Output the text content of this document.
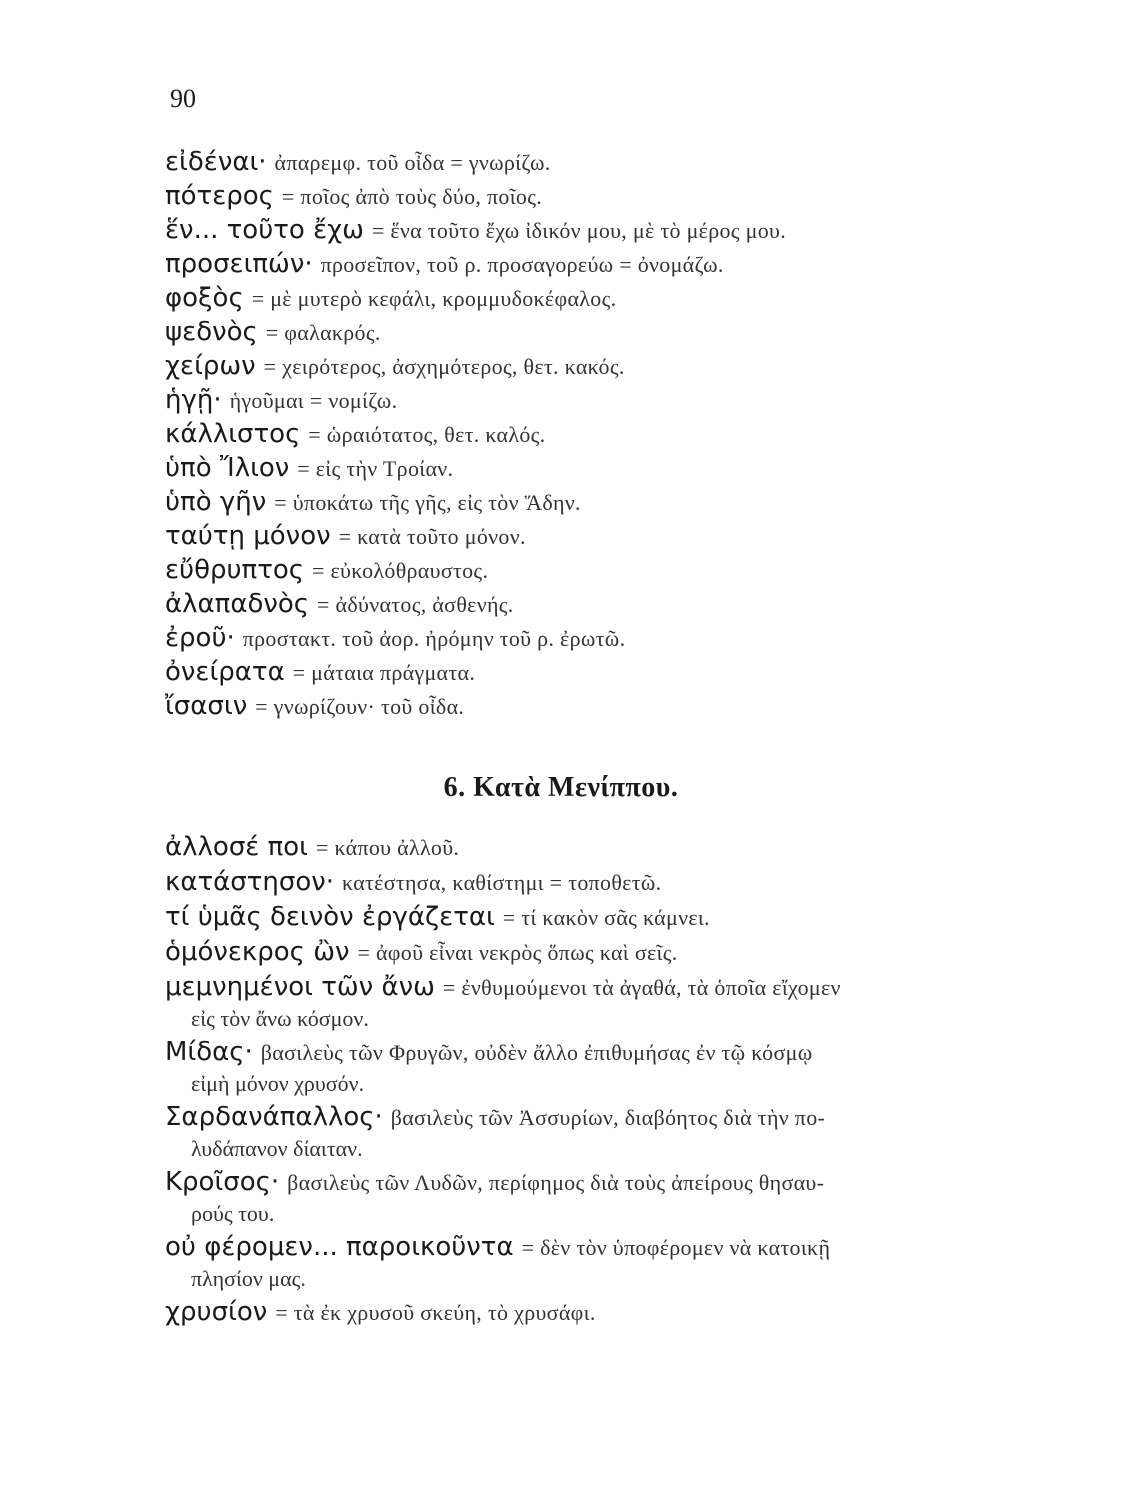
90
εἰδέναι· ἀπαρεμφ. τοῦ οἶδα = γνωρίζω.
πότερος = ποῖος ἀπὸ τοὺς δύο, ποῖος.
ἕν... τοῦτο ἔχω = ἕνα τοῦτο ἔχω ἰδικόν μου, μὲ τὸ μέρος μου.
προσειπών· προσεῖπον, τοῦ ρ. προσαγορεύω = ὀνομάζω.
φοξὸς = μὲ μυτερὸ κεφάλι, κρομμυδοκέφαλος.
ψεδνὸς = φαλακρός.
χείρων = χειρότερος, ἀσχημότερος, θετ. κακός.
ἡγῇ· ἡγοῦμαι = νομίζω.
κάλλιστος = ὡραιότατος, θετ. καλός.
ὑπὸ Ἴλιον = εἰς τὴν Τροίαν.
ὑπὸ γῆν = ὑποκάτω τῆς γῆς, εἰς τὸν Ἅδην.
ταύτῃ μόνον = κατὰ τοῦτο μόνον.
εὔθρυπτος = εὐκολόθραυστος.
ἀλαπαδνὸς = ἀδύνατος, ἀσθενής.
ἐροῦ· προστακτ. τοῦ ἀορ. ἠρόμην τοῦ ρ. ἐρωτῶ.
ὀνείρατα = μάταια πράγματα.
ἴσασιν = γνωρίζουν· τοῦ οἶδα.
6. Κατὰ Μενίππου.
ἀλλοσέ ποι = κάπου ἀλλοῦ.
κατάστησον· κατέστησα, καθίστημι = τοποθετῶ.
τί ὑμᾶς δεινὸν ἐργάζεται = τί κακὸν σᾶς κάμνει.
ὁμόνεκρος ὢν = ἀφοῦ εἶναι νεκρὸς ὅπως καὶ σεῖς.
μεμνημένοι τῶν ἄνω = ἐνθυμούμενοι τὰ ἀγαθά, τὰ ὁποῖα εἴχομεν
εἰς τὸν ἄνω κόσμον.
Μίδας· βασιλεὺς τῶν Φρυγῶν, οὐδὲν ἄλλο ἐπιθυμήσας ἐν τῷ κόσμῳ
εἰμὴ μόνον χρυσόν.
Σαρδανάπαλλος· βασιλεὺς τῶν Ἀσσυρίων, διαβόητος διὰ τὴν πο-
λυδάπανον δίαιταν.
Κροῖσος· βασιλεὺς τῶν Λυδῶν, περίφημος διὰ τοὺς ἀπείρους θησαυ-
ρούς του.
οὐ φέρομεν... παροικοῦντα = δὲν τὸν ὑποφέρομεν νὰ κατοικῇ
πλησίον μας.
χρυσίον = τὰ ἐκ χρυσοῦ σκεύη, τὸ χρυσάφι.
